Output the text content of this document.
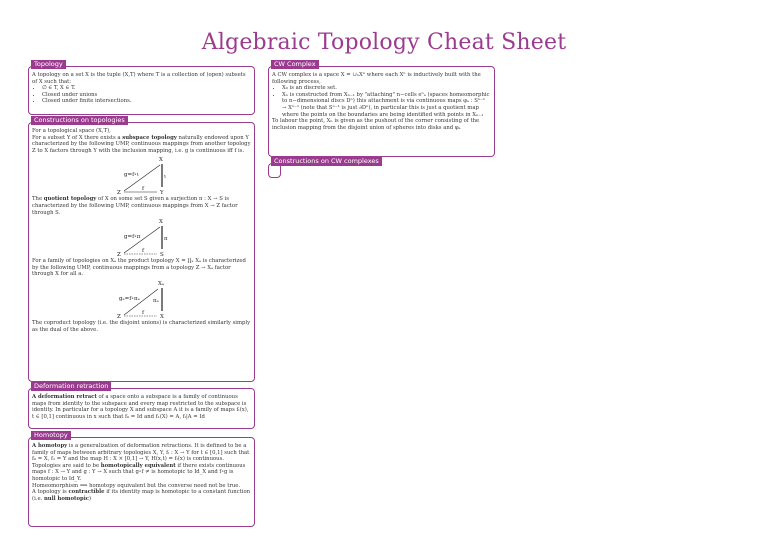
Algebraic Topology Cheat Sheet
Topology

A topology on a set X is the tuple (X,T) where T is a collection of (open) subsets of X such that:

• ∅ ∈ T, X ∈ T.
• Closed under unions
• Closed under finite intersections.
Constructions on topologies

For a topological space (X,T),

For a subset Y of X there exists a subspace topology naturally endowed upon Y characterized by the following UMP, continuous mappings from another topology Z to X factors through Y with the inclusion mapping, i.e. g is continuous iff f is.

X
Z	Y
g=f∘ι
f
ι

The quotient topology of X on some set S given a surjection π : X → S is characterized by the following UMP, continuous mappings from X → Z factor through S.

X
Z	S
g=f∘π
f
π

For a family of topologies on Xₐ the product topology X = ∏ₐ Xₐ is characterized by the following UMP, continuous mappings from a topology Z → Xₐ factor through X for all a.

Xₐ
Z	X
gₐ=f∘πₐ
f
πₐ

The coproduct topology (i.e. the disjoint unions) is characterized similarly simply as the dual of the above.

Deformation retraction

A deformation retract of a space onto a subspace is a family of continuous maps from identity to the subspace and every map restricted to the subspace is identity. In particular for a topology X and subspace A it is a family of maps fₜ(x), t ∈ [0,1] continuous in x such that f₀ = Id and f₁(X) = A, fₜ|A = Id

Homotopy

A homotopy is a generalization of deformation retractions. It is defined to be a family of maps between arbitrary topologies X, Y, fₜ : X → Y for t ∈ [0,1] such that f₀ = X, f₁ = Y and the map H : X × [0,1] → Y, H(x,t) = fₜ(x) is continuous.

Topologies are said to be homotopically equivalent if there exists continuous maps f : X → Y and g : Y → X such that g∘f ≠ is homotopic to Id_X and f∘g is homotopic to Id_Y.

Homeomorphism ⟹ homotopy equivalent but the converse need not be true.

A topology is contractible if its identity map is homotopic to a constant function (i.e. null homotopic)

CW Complex

A CW complex is a space X = ∪ₙXⁿ where each Xⁿ is inductively built with the following process,

• X₀ is an discrete set.
• Xₙ is constructed from Xₙ₋₁ by "attaching" n−cells eⁿₐ (spaces homeomorphic to n−dimensional discs Dⁿ) this attachment is via continuous maps φₐ : Sⁿ⁻¹ → Xⁿ⁻¹ (note that Sⁿ⁻¹ is just ∂Dⁿ), in particular this is just a quotient map where the points on the boundaries are being identified with points in Xₙ₋₁

To labour the point, Xₙ is given as the pushout of the corner consisting of the inclusion mapping from the disjoint union of spheres into disks and φₐ

Constructions on CW complexes
